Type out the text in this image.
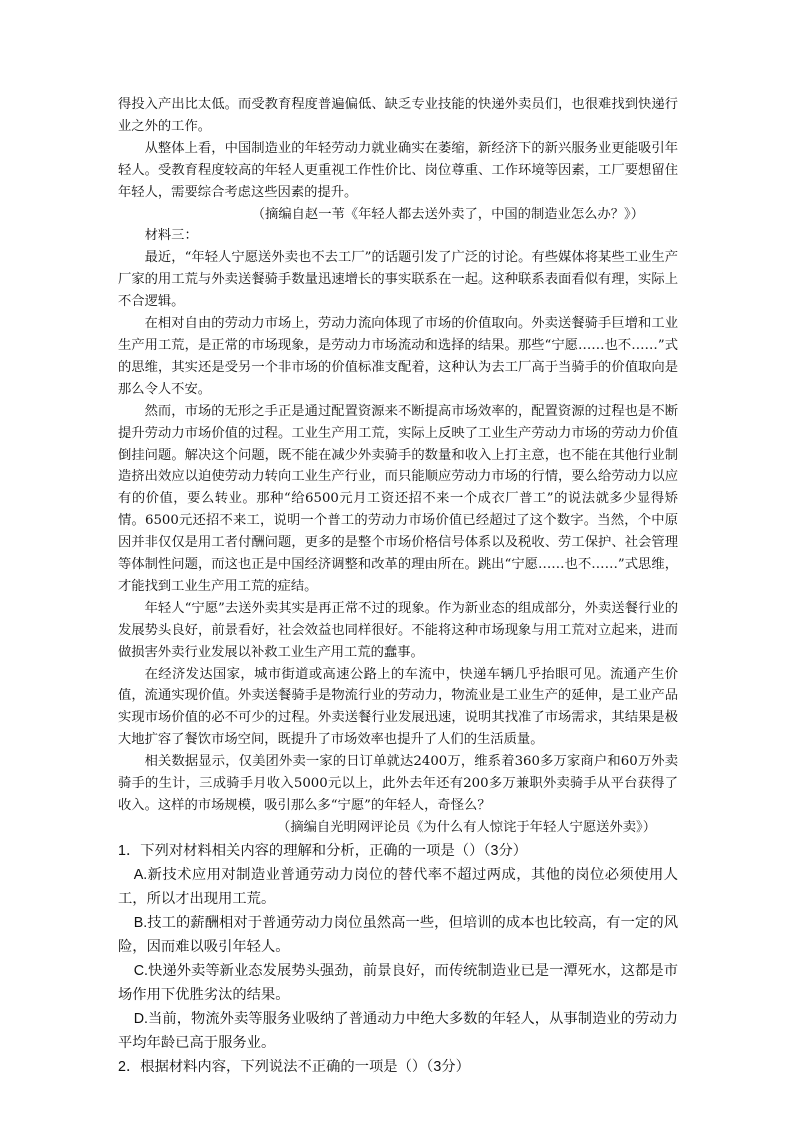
得投入产出比太低。而受教育程度普遍偏低、缺乏专业技能的快递外卖员们，也很难找到快递行业之外的工作。

从整体上看，中国制造业的年轻劳动力就业确实在萎缩，新经济下的新兴服务业更能吸引年轻人。受教育程度较高的年轻人更重视工作性价比、岗位尊重、工作环境等因素，工厂要想留住年轻人，需要综合考虑这些因素的提升。

（摘编自赵一苇《年轻人都去送外卖了，中国的制造业怎么办？》）

材料三：

最近，“年轻人宁愿送外卖也不去工厂”的话题引发了广泛的讨论。有些媒体将某些工业生产厂家的用工荒与外卖送餐骑手数量迅速增长的事实联系在一起。这种联系表面看似有理，实际上不合逻辑。

在相对自由的劳动力市场上，劳动力流向体现了市场的价值取向。外卖送餐骑手巨增和工业生产用工荒，是正常的市场现象，是劳动力市场流动和选择的结果。那些“宁愿……也不……”式的思维，其实还是受另一个非市场的价值标准支配着，这种认为去工厂高于当骑手的价值取向是那么令人不安。

然而，市场的无形之手正是通过配置资源来不断提高市场效率的，配置资源的过程也是不断提升劳动力市场价值的过程。工业生产用工荒，实际上反映了工业生产劳动力市场的劳动力价值倒挂问题。解决这个问题，既不能在减少外卖骑手的数量和收入上打主意，也不能在其他行业制造挤出效应以迫使劳动力转向工业生产行业，而只能顺应劳动力市场的行情，要么给劳动力以应有的价值，要么转业。那种“给6500元月工资还招不来一个成衣厂普工”的说法就多少显得矫情。6500元还招不来工，说明一个普工的劳动力市场价值已经超过了这个数字。当然，个中原因并非仅仅是用工者付酬问题，更多的是整个市场价格信号体系以及税收、劳工保护、社会管理等体制性问题，而这也正是中国经济调整和改革的理由所在。跳出“宁愿……也不……”式思维，才能找到工业生产用工荒的症结。

年轻人“宁愿”去送外卖其实是再正常不过的现象。作为新业态的组成部分，外卖送餐行业的发展势头良好，前景看好，社会效益也同样很好。不能将这种市场现象与用工荒对立起来，进而做损害外卖行业发展以补救工业生产用工荒的蠢事。

在经济发达国家，城市街道或高速公路上的车流中，快递车辆几乎抬眼可见。流通产生价值，流通实现价值。外卖送餐骑手是物流行业的劳动力，物流业是工业生产的延伸，是工业产品实现市场价值的必不可少的过程。外卖送餐行业发展迅速，说明其找准了市场需求，其结果是极大地扩容了餐饮市场空间，既提升了市场效率也提升了人们的生活质量。

相关数据显示，仅美团外卖一家的日订单就达2400万，维系着360多万家商户和60万外卖骑手的生计，三成骑手月收入5000元以上，此外去年还有200多万兼职外卖骑手从平台获得了收入。这样的市场规模，吸引那么多“宁愿”的年轻人，奇怪么？

（摘编自光明网评论员《为什么有人惊诧于年轻人宁愿送外卖》）

1．下列对材料相关内容的理解和分析，正确的一项是（）（3分）

A.新技术应用对制造业普通劳动力岗位的替代率不超过两成，其他的岗位必须使用人工，所以才出现用工荒。

B.技工的薪酬相对于普通劳动力岗位虽然高一些，但培训的成本也比较高，有一定的风险，因而难以吸引年轻人。

C.快递外卖等新业态发展势头强劲，前景良好，而传统制造业已是一潭死水，这都是市场作用下优胜劣汰的结果。

D.当前，物流外卖等服务业吸纳了普通动力中绝大多数的年轻人，从事制造业的劳动力平均年龄已高于服务业。

2．根据材料内容，下列说法不正确的一项是（）（3分）
